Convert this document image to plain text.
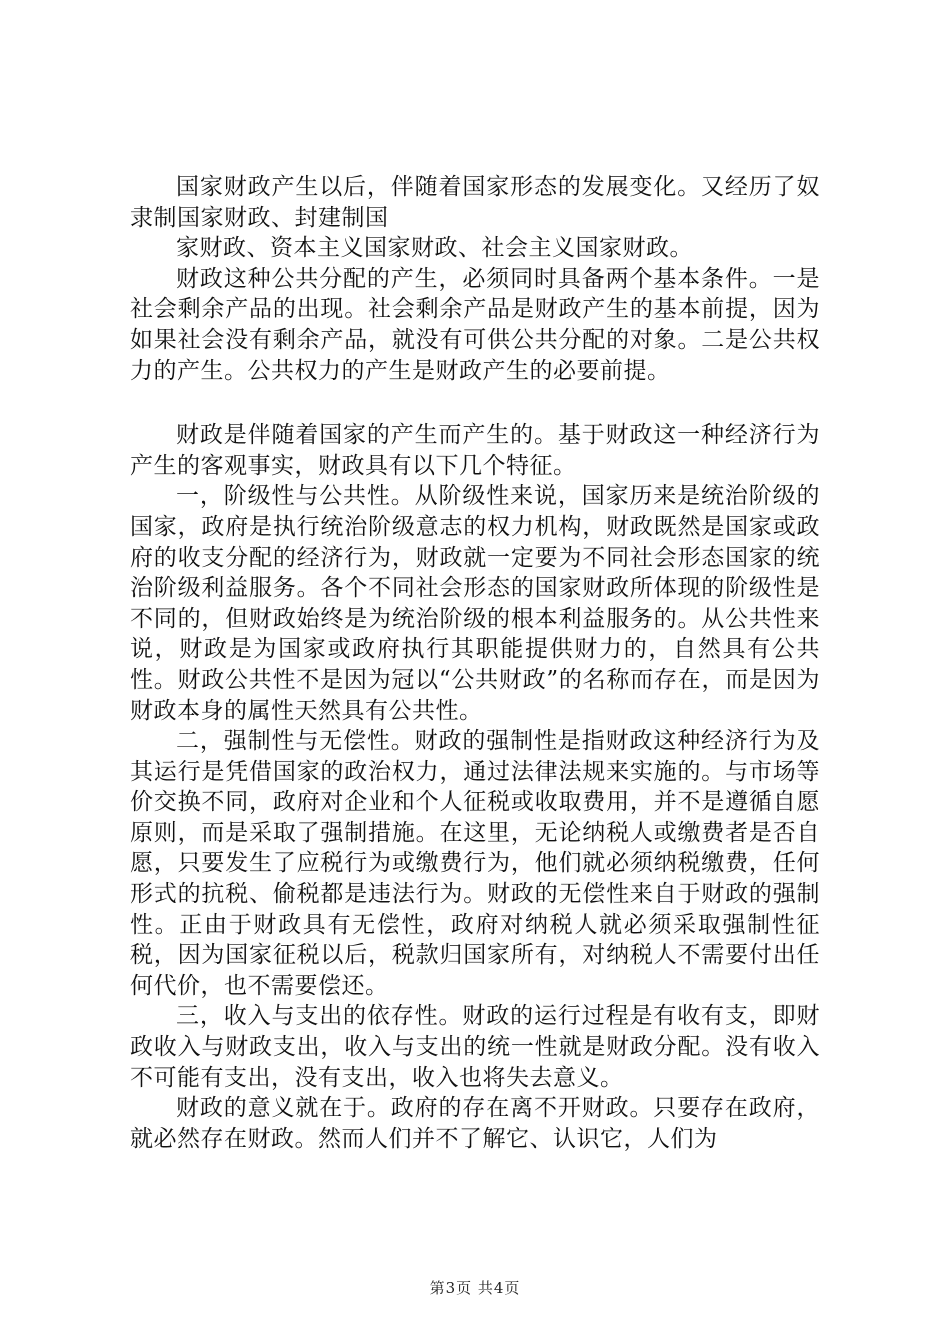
国家财政产生以后，伴随着国家形态的发展变化。又经历了奴隶制国家财政、封建制国

家财政、资本主义国家财政、社会主义国家财政。

财政这种公共分配的产生，必须同时具备两个基本条件。一是社会剩余产品的出现。社会剩余产品是财政产生的基本前提，因为如果社会没有剩余产品，就没有可供公共分配的对象。二是公共权力的产生。公共权力的产生是财政产生的必要前提。

财政是伴随着国家的产生而产生的。基于财政这一种经济行为产生的客观事实，财政具有以下几个特征。

一，阶级性与公共性。从阶级性来说，国家历来是统治阶级的国家，政府是执行统治阶级意志的权力机构，财政既然是国家或政府的收支分配的经济行为，财政就一定要为不同社会形态国家的统治阶级利益服务。各个不同社会形态的国家财政所体现的阶级性是不同的，但财政始终是为统治阶级的根本利益服务的。从公共性来说，财政是为国家或政府执行其职能提供财力的，自然具有公共性。财政公共性不是因为冠以“公共财政”的名称而存在，而是因为财政本身的属性天然具有公共性。

二，强制性与无偿性。财政的强制性是指财政这种经济行为及其运行是凭借国家的政治权力，通过法律法规来实施的。与市场等价交换不同，政府对企业和个人征税或收取费用，并不是遵循自愿原则，而是采取了强制措施。在这里，无论纳税人或缴费者是否自愿，只要发生了应税行为或缴费行为，他们就必须纳税缴费，任何形式的抗税、偷税都是违法行为。财政的无偿性来自于财政的强制性。正由于财政具有无偿性，政府对纳税人就必须采取强制性征税，因为国家征税以后，税款归国家所有，对纳税人不需要付出任何代价，也不需要偿还。

三，收入与支出的依存性。财政的运行过程是有收有支，即财政收入与财政支出，收入与支出的统一性就是财政分配。没有收入不可能有支出，没有支出，收入也将失去意义。

财政的意义就在于。政府的存在离不开财政。只要存在政府，就必然存在财政。然而人们并不了解它、认识它，人们为

第3页 共4页
